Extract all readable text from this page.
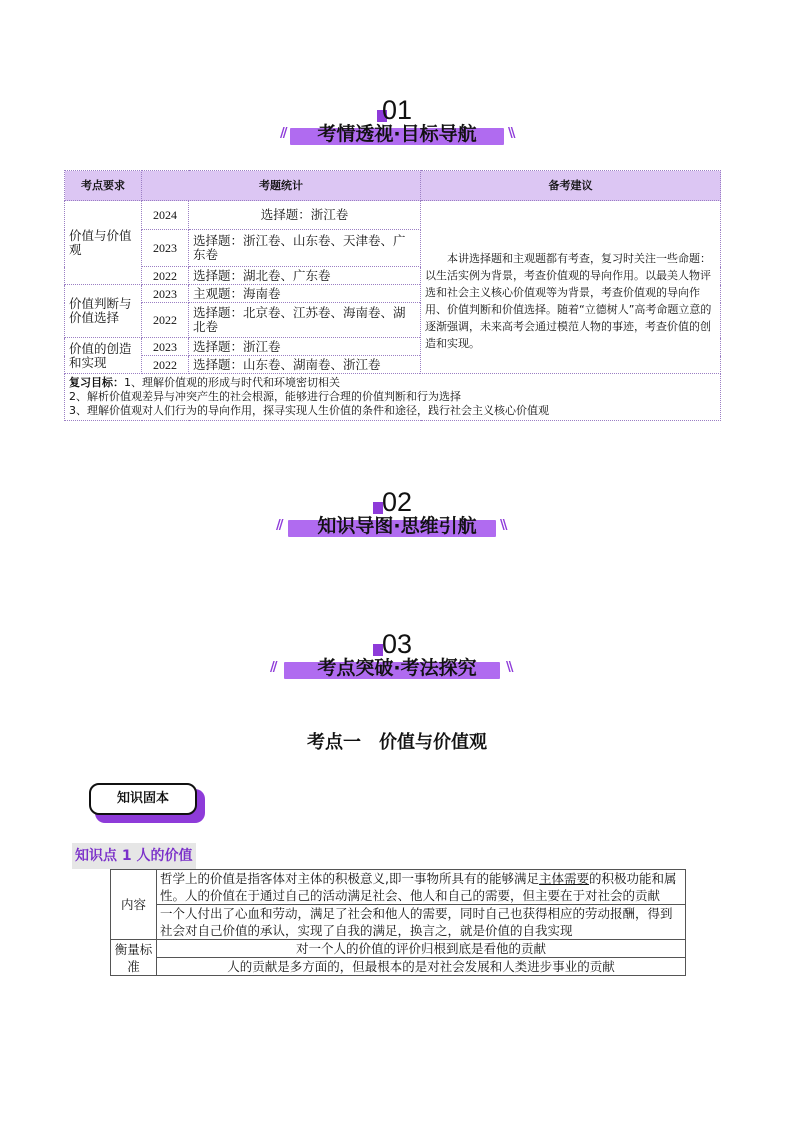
01
//	\\
考情透视·目标导航
考点要求	考题统计		备考建议
价值与价值观	2024	选择题：浙江卷	
	2023	选择题：浙江卷、山东卷、天津卷、广东卷	本讲选择题和主观题都有考查，复习时关注一些命题：以生活实例为背景，考查价值观的导向作用。以最美人物评选和社会主义核心价值观等为背景，考查价值观的导向作用、价值判断和价值选择。随着“立德树人”高考命题立意的逐渐强调，未来高考会通过模范人物的事迹，考查价值的创造和实现。
	2022	选择题：湖北卷、广东卷	
价值判断与价值选择	2023	主观题：海南卷	
	2022	选择题：北京卷、江苏卷、海南卷、湖北卷	
价值的创造和实现	2023	选择题：浙江卷	
	2022	选择题：山东卷、湖南卷、浙江卷	

复习目标：1、理解价值观的形成与时代和环境密切相关
2、解析价值观差异与冲突产生的社会根源，能够进行合理的价值判断和行为选择
3、理解价值观对人们行为的导向作用，探寻实现人生价值的条件和途径，践行社会主义核心价值观			
02
//	\\
知识导图·思维引航
03
//	\\
考点突破·考法探究
考点一　价值与价值观
知识固本
知识点 1 人的价值
内容	哲学上的价值是指客体对主体的积极意义,即一事物所具有的能够满足主体需要的积极功能和属性。人的价值在于通过自己的活动满足社会、他人和自己的需要，但主要在于对社会的贡献
	一个人付出了心血和劳动，满足了社会和他人的需要，同时自己也获得相应的劳动报酬，得到社会对自己价值的承认，实现了自我的满足，换言之，就是价值的自我实现
衡量标准	对一个人的价值的评价归根到底是看他的贡献
	人的贡献是多方面的，但最根本的是对社会发展和人类进步事业的贡献
